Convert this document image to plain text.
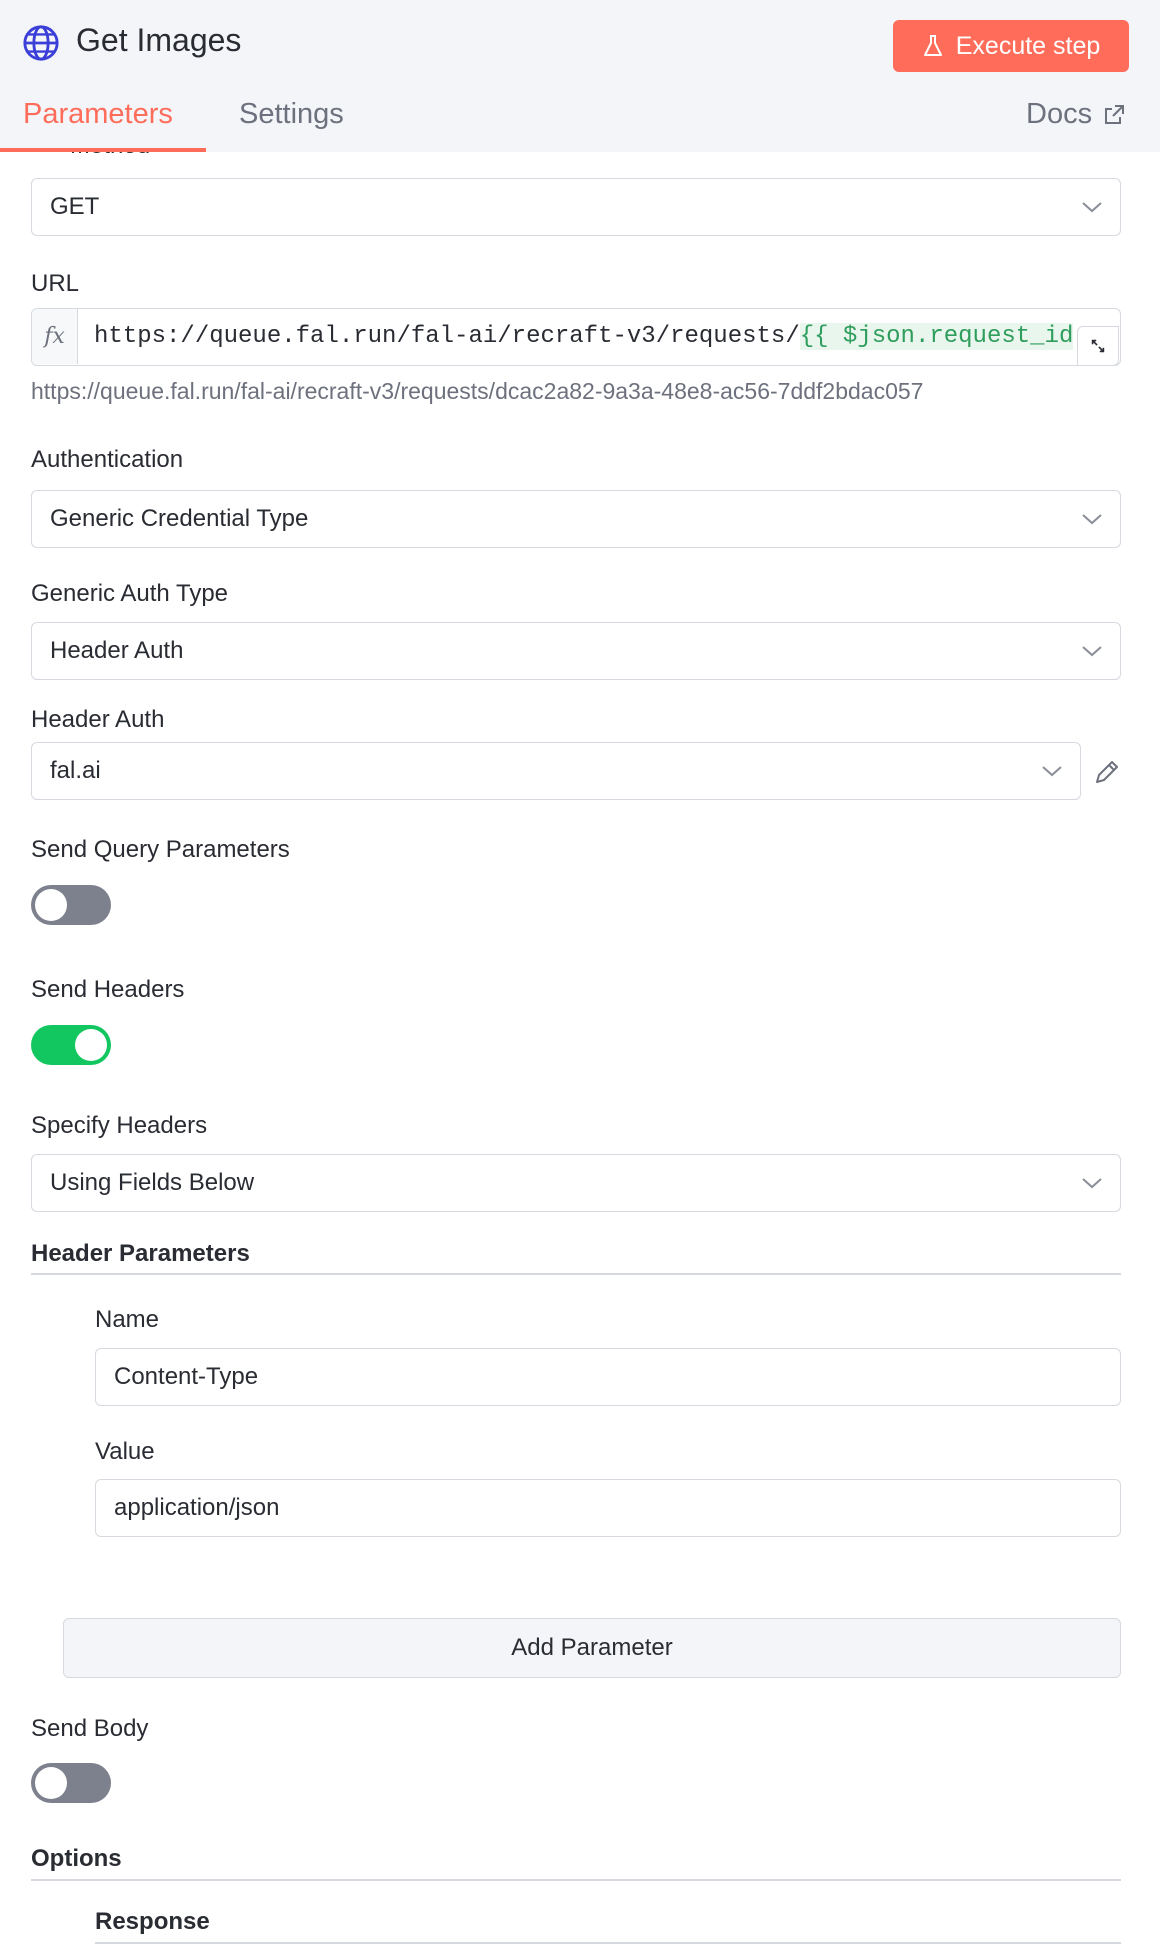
GET
URL
fx	https://queue.fal.run/fal-ai/recraft-v3/requests/ {{ $json.request_id
https://queue.fal.run/fal-ai/recraft-v3/requests/dcac2a82-9a3a-48e8-ac56-7ddf2bdac057
Authentication
Generic Credential Type
Generic Auth Type
Header Auth
Header Auth
fal.ai
Send Query Parameters
Send Headers
Specify Headers
Using Fields Below
Header Parameters
Name
Content-Type
Value
application/json
Add Parameter
Send Body
Options
Response
Get Images	Execute step
Parameters Settings	Docs
